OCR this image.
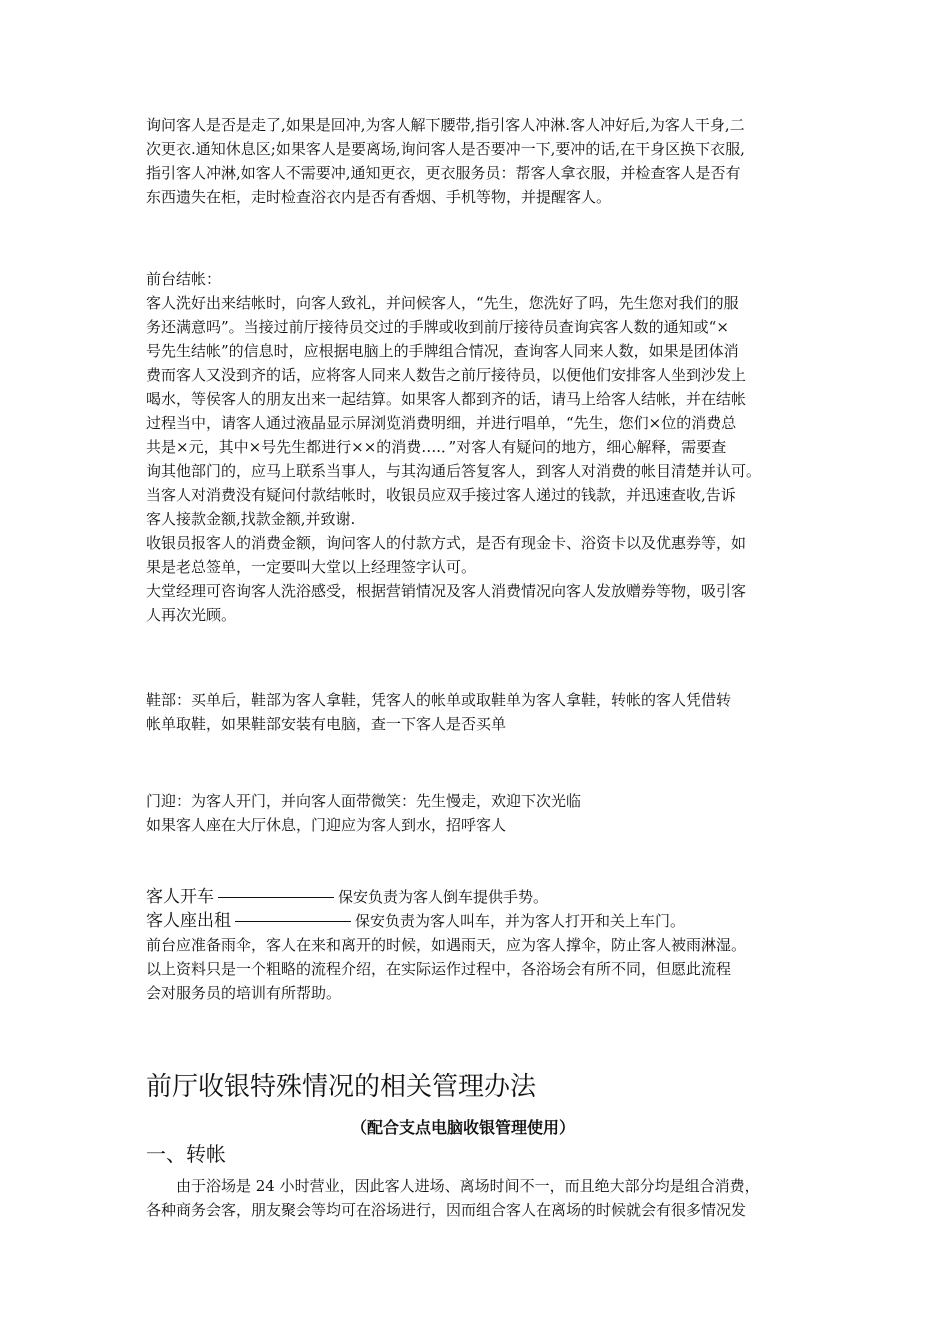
询问客人是否是走了,如果是回冲,为客人解下腰带,指引客人冲淋.客人冲好后,为客人干身,二

次更衣.通知休息区;如果客人是要离场,询问客人是否要冲一下,要冲的话,在干身区换下衣服,

指引客人冲淋,如客人不需要冲,通知更衣，更衣服务员：帮客人拿衣服，并检查客人是否有

东西遗失在柜，走时检查浴衣内是否有香烟、手机等物，并提醒客人。

前台结帐：

客人洗好出来结帐时，向客人致礼，并问候客人，“先生，您洗好了吗，先生您对我们的服

务还满意吗”。当接过前厅接待员交过的手牌或收到前厅接待员查询宾客人数的通知或“×

号先生结帐”的信息时，应根据电脑上的手牌组合情况，查询客人同来人数，如果是团体消

费而客人又没到齐的话，应将客人同来人数告之前厅接待员，以便他们安排客人坐到沙发上

喝水，等侯客人的朋友出来一起结算。如果客人都到齐的话，请马上给客人结帐，并在结帐

过程当中，请客人通过液晶显示屏浏览消费明细，并进行唱单，“先生，您们×位的消费总

共是×元，其中×号先生都进行××的消费….．”对客人有疑问的地方，细心解释，需要查

询其他部门的，应马上联系当事人，与其沟通后答复客人，到客人对消费的帐目清楚并认可。

当客人对消费没有疑问付款结帐时，收银员应双手接过客人递过的钱款，并迅速查收,告诉

客人接款金额,找款金额,并致谢.

收银员报客人的消费金额，询问客人的付款方式，是否有现金卡、浴资卡以及优惠券等，如

果是老总签单，一定要叫大堂以上经理签字认可。

大堂经理可咨询客人洗浴感受，根据营销情况及客人消费情况向客人发放赠券等物，吸引客

人再次光顾。

鞋部：买单后，鞋部为客人拿鞋，凭客人的帐单或取鞋单为客人拿鞋，转帐的客人凭借转

帐单取鞋，如果鞋部安装有电脑，查一下客人是否买单

门迎：为客人开门，并向客人面带微笑：先生慢走，欢迎下次光临

如果客人座在大厅休息，门迎应为客人到水，招呼客人

客人开车	保安负责为客人倒车提供手势。
客人座出租	保安负责为客人叫车，并为客人打开和关上车门。

前台应准备雨伞，客人在来和离开的时候，如遇雨天，应为客人撑伞，防止客人被雨淋湿。

以上资料只是一个粗略的流程介绍，在实际运作过程中，各浴场会有所不同，但愿此流程

会对服务员的培训有所帮助。

前厅收银特殊情况的相关管理办法
（配合支点电脑收银管理使用）
一、转帐

由于浴场是 24 小时营业，因此客人进场、离场时间不一，而且绝大部分均是组合消费，

各种商务会客，朋友聚会等均可在浴场进行，因而组合客人在离场的时候就会有很多情况发
